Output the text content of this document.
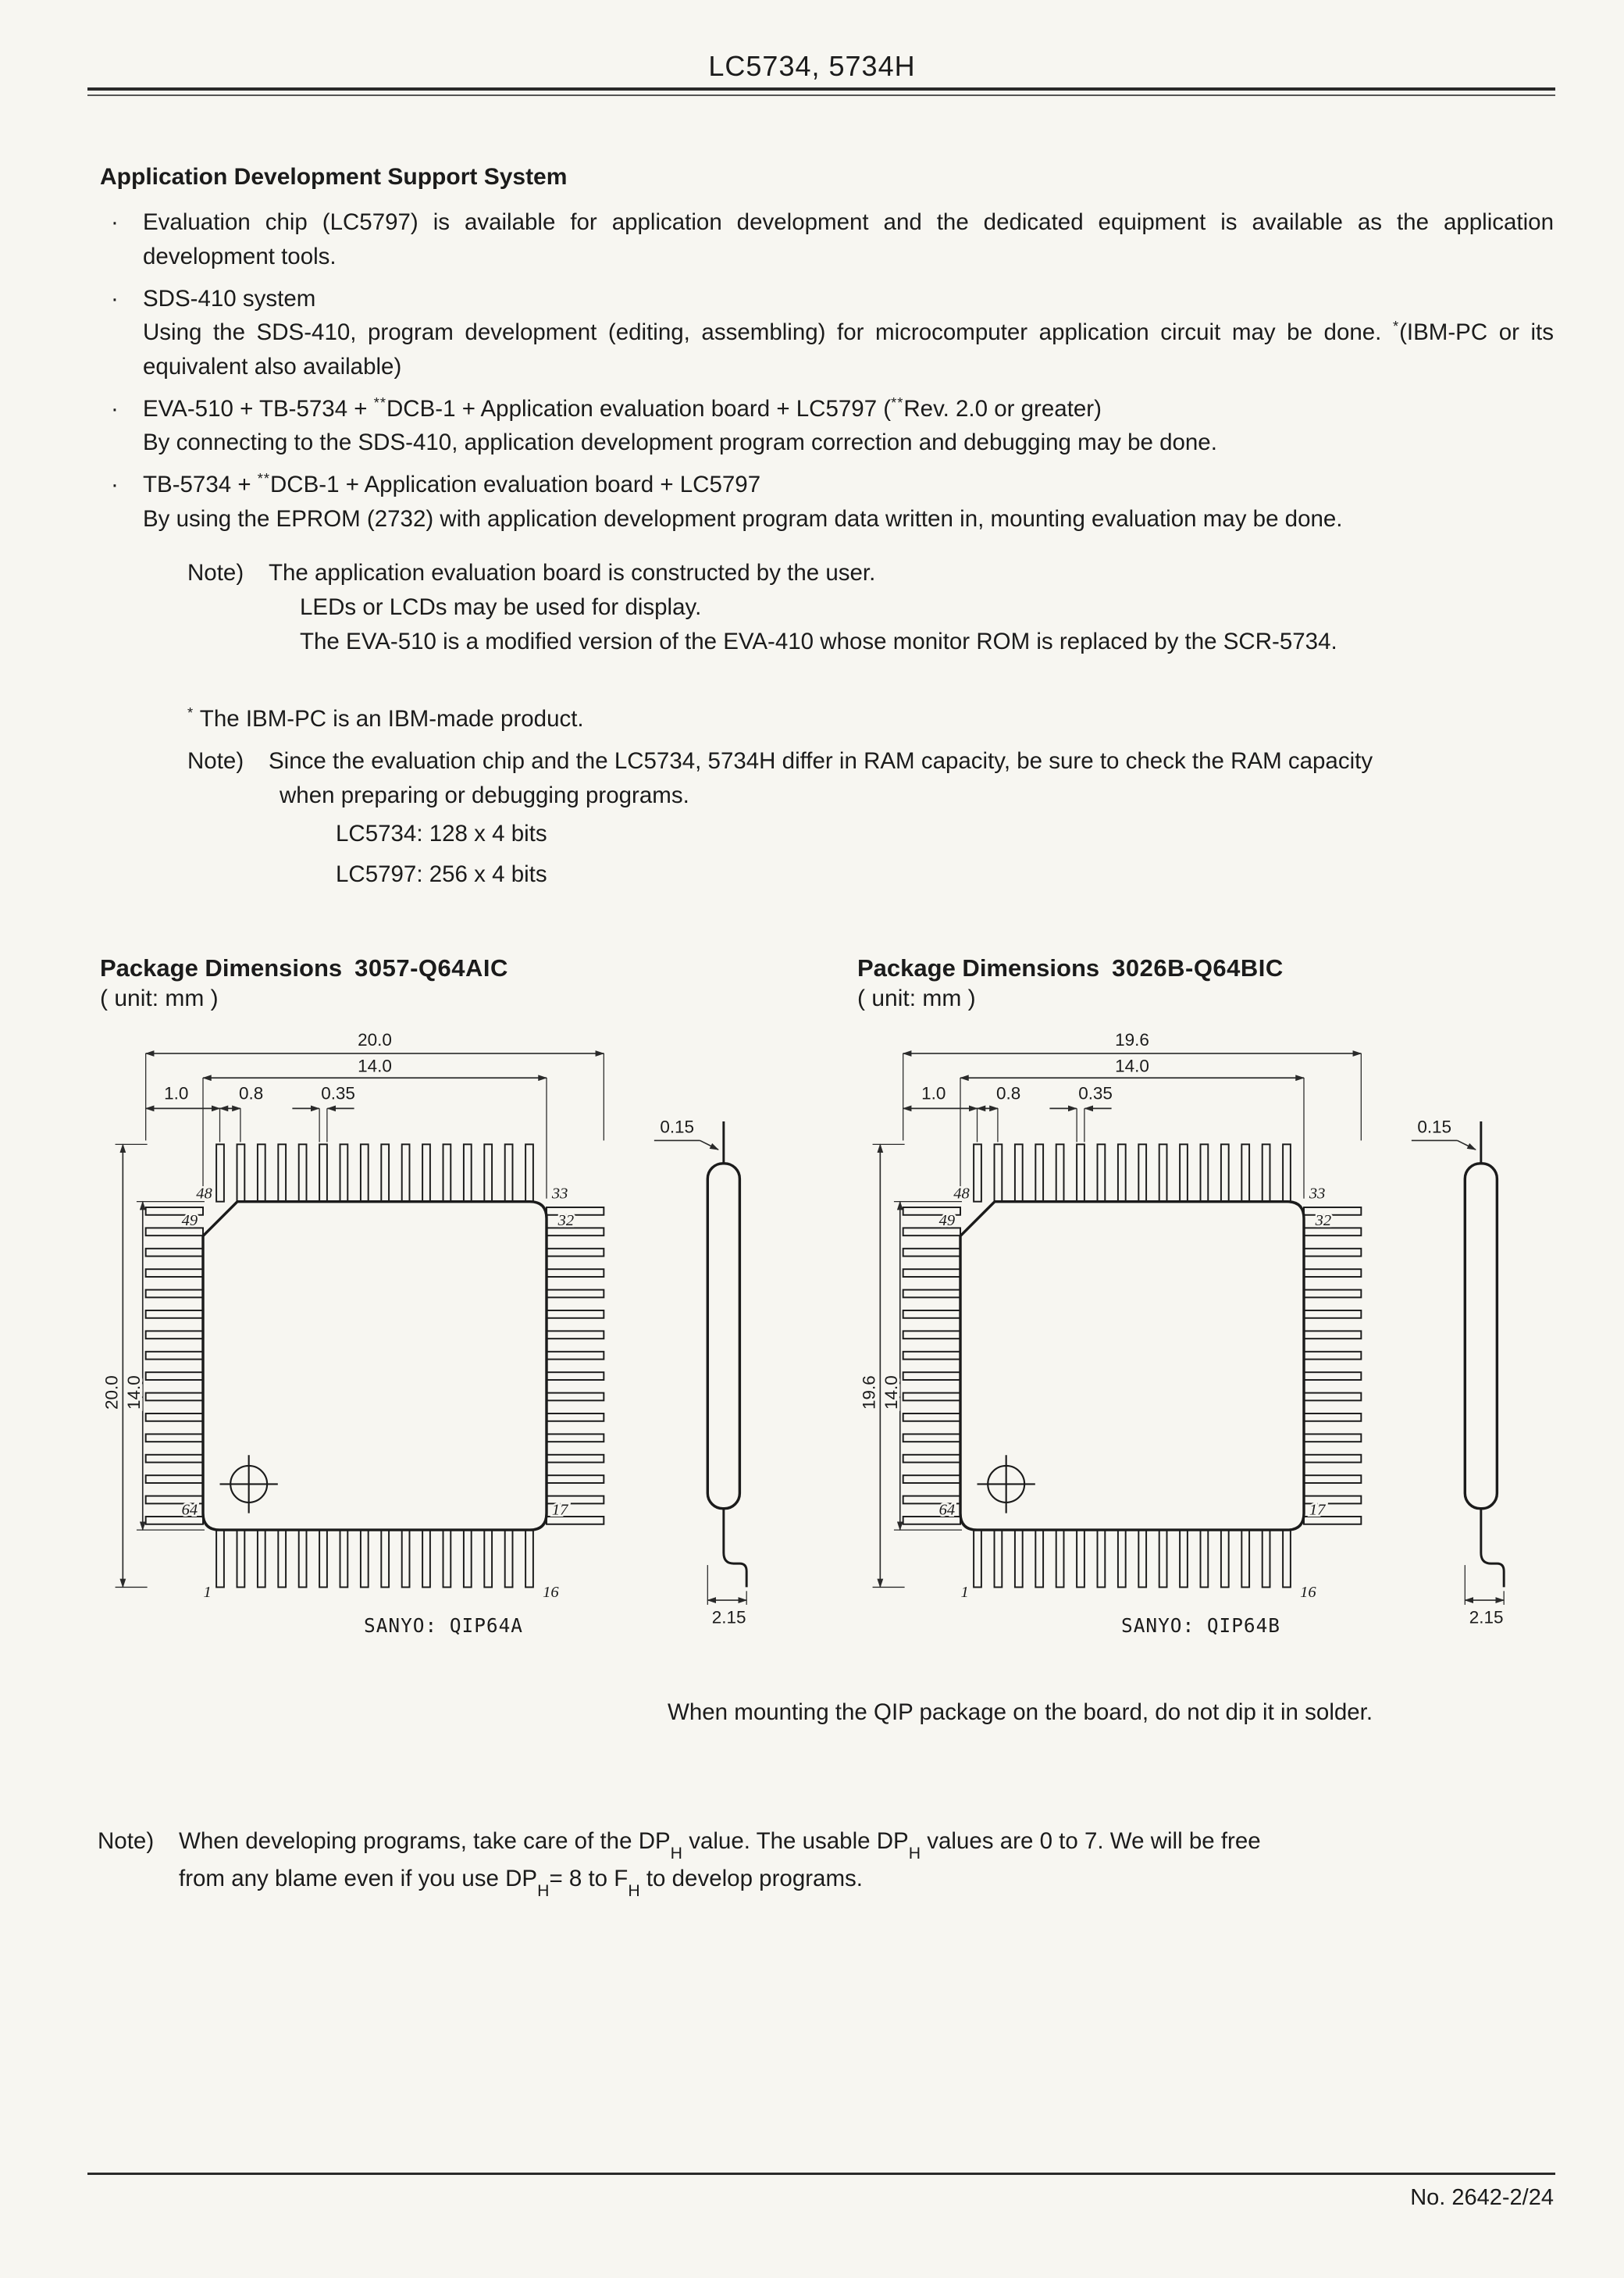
LC5734, 5734H
Application Development Support System
·	Evaluation chip (LC5797) is available for application development and the dedicated equipment is available as the application development tools.
·	SDS-410 system
Using the SDS-410, program development (editing, assembling) for microcomputer application circuit may be done. *(IBM-PC or its equivalent also available)
·	EVA-510 + TB-5734 + **DCB-1 + Application evaluation board + LC5797 (**Rev. 2.0 or greater)
By connecting to the SDS-410, application development program correction and debugging may be done.
·	TB-5734 + **DCB-1 + Application evaluation board + LC5797
By using the EPROM (2732) with application development program data written in, mounting evaluation may be done.
Note)	The application evaluation board is constructed by the user.
LEDs or LCDs may be used for display.
The EVA-510 is a modified version of the EVA-410 whose monitor ROM is replaced by the SCR-5734.
* The IBM-PC is an IBM-made product.
Note)	Since the evaluation chip and the LC5734, 5734H differ in RAM capacity, be sure to check the RAM capacity
when preparing or debugging programs.
LC5734: 128 x 4 bits
LC5797: 256 x 4 bits
Package Dimensions 3057-Q64AIC
( unit: mm )
20.0
14.0
1.0	0.8	0.35
20.0 14.0
48
49
33
32
64
1
17
16
SANYO: QIP64A
0.15
2.15
Package Dimensions 3026B-Q64BIC
( unit: mm )
19.6
14.0
1.0	0.8	0.35
19.6 14.0
48
49
33
32
64
1
17
16
SANYO: QIP64B
0.15
2.15
When mounting the QIP package on the board, do not dip it in solder.
Note)	When developing programs, take care of the $DP_H$ value. The usable $DP_H$ values are 0 to 7. We will be free
from any blame even if you use $DP_H= 8$ to $F_H$ to develop programs.
No. 2642-2/24
